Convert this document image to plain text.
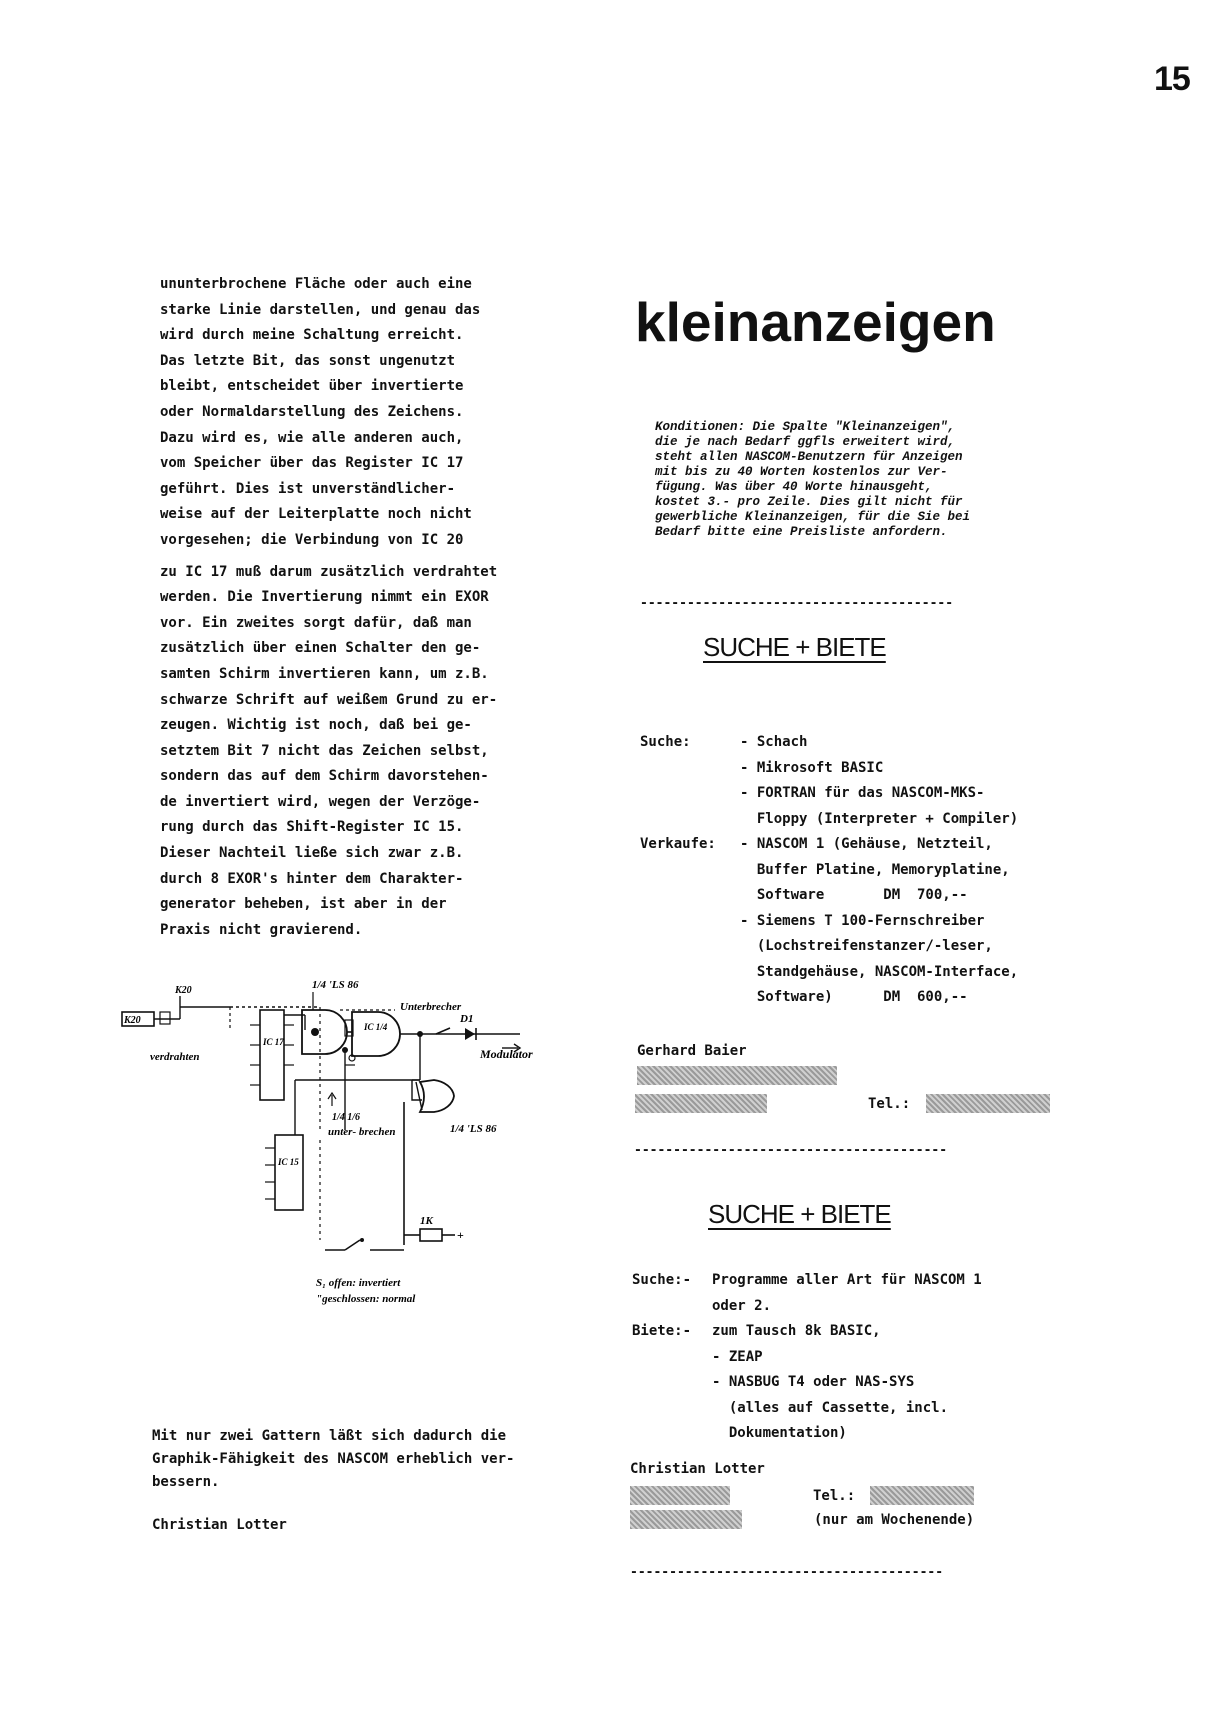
15
ununterbrochene Fläche oder auch eine
starke Linie darstellen, und genau das
wird durch meine Schaltung erreicht.
Das letzte Bit, das sonst ungenutzt
bleibt, entscheidet über invertierte
oder Normaldarstellung des Zeichens.
Dazu wird es, wie alle anderen auch,
vom Speicher über das Register IC 17
geführt. Dies ist unverständlicher-
weise auf der Leiterplatte noch nicht
vorgesehen; die Verbindung von IC 20
zu IC 17 muß darum zusätzlich verdrahtet
werden. Die Invertierung nimmt ein EXOR
vor. Ein zweites sorgt dafür, daß man
zusätzlich über einen Schalter den ge-
samten Schirm invertieren kann, um z.B.
schwarze Schrift auf weißem Grund zu er-
zeugen. Wichtig ist noch, daß bei ge-
setztem Bit 7 nicht das Zeichen selbst,
sondern das auf dem Schirm davorstehen-
de invertiert wird, wegen der Verzöge-
rung durch das Shift-Register IC 15.
Dieser Nachteil ließe sich zwar z.B.
durch 8 EXOR's hinter dem Charakter-
generator beheben, ist aber in der
Praxis nicht gravierend.
K20
K20
IC 17
verdrahten
1/4 'LS 86
IC 1/4
1/4 1/6
unter- brechen
Unterbrecher
D1
Modulator
1/4 'LS 86
IC 15
+
1K
S₁ offen: invertiert "geschlossen: normal
Mit nur zwei Gattern läßt sich dadurch die
Graphik-Fähigkeit des NASCOM erheblich ver-
bessern.
Christian Lotter
kleinanzeigen
Konditionen: Die Spalte "Kleinanzeigen",
die je nach Bedarf ggfls erweitert wird,
steht allen NASCOM-Benutzern für Anzeigen
mit bis zu 40 Worten kostenlos zur Ver-
fügung. Was über 40 Worte hinausgeht,
kostet 3.- pro Zeile. Dies gilt nicht für
gewerbliche Kleinanzeigen, für die Sie bei
Bedarf bitte eine Preisliste anfordern.
----------------------------------------
SUCHE + BIETE
Suche:	- Schach
- Mikrosoft BASIC
- FORTRAN für das NASCOM-MKS-
Floppy (Interpreter + Compiler)
Verkaufe:	- NASCOM 1 (Gehäuse, Netzteil,
Buffer Platine, Memoryplatine,
Software       DM  700,--
- Siemens T 100-Fernschreiber
(Lochstreifenstanzer/-leser,
Standgehäuse, NASCOM-Interface,
Software)      DM  600,--
Gerhard Baier
Tel.:
----------------------------------------
SUCHE + BIETE
Suche:-	Programme aller Art für NASCOM 1
oder 2.
Biete:-	zum Tausch 8k BASIC,
- ZEAP
- NASBUG T4 oder NAS-SYS
(alles auf Cassette, incl.
Dokumentation)
Christian Lotter
Tel.:
(nur am Wochenende)
----------------------------------------
